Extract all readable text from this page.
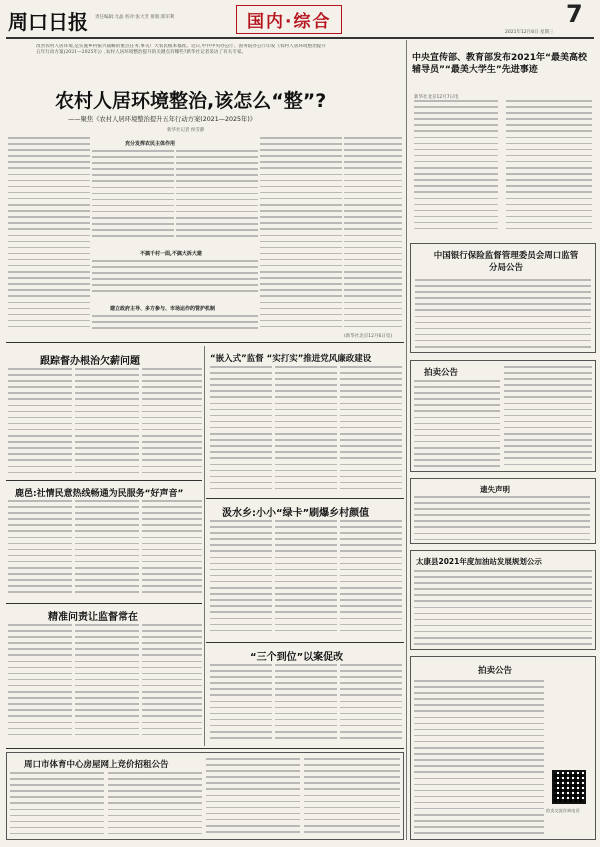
周口日报 责任编辑:尤晶 校对:张大芳 排版:郑军利	国内·综合	7
2021年12月8日 星期三
改善农村人居环境,是实施乡村振兴战略的重点任务,事关广大农民根本福祉。近日,中共中央办公厅、国务院办公厅印发《农村人居环境整治提升五年行动方案(2021—2025年)》,农村人居环境整治提升的关键点有哪些?新华社记者采访了有关专家。
农村人居环境整治,该怎么“整”?
——聚焦《农村人居环境整治提升五年行动方案(2021—2025年)》
新华社记者 侯雪静
充分发挥农民主体作用
不搞千村一面,不搞大拆大建
建立政府主导、多方参与、市场运作的管护机制
(新华社北京12月6日电)
中央宣传部、教育部发布2021年“最美高校辅导员”“最美大学生”先进事迹
新华社北京12月7日电
中国银行保险监督管理委员会周口监管分局公告
跟踪督办根治欠薪问题
鹿邑:社情民意热线畅通为民服务“好声音”
精准问责让监督常在
“嵌入式”监督 “实打实”推进党风廉政建设
汲水乡:小小“绿卡”刷爆乡村颜值
“三个到位”以案促改
拍卖公告
遗失声明
太康县2021年度加油站发展规划公示
拍卖公告
拍卖交流咨询电话
周口市体育中心房屋网上竞价招租公告
